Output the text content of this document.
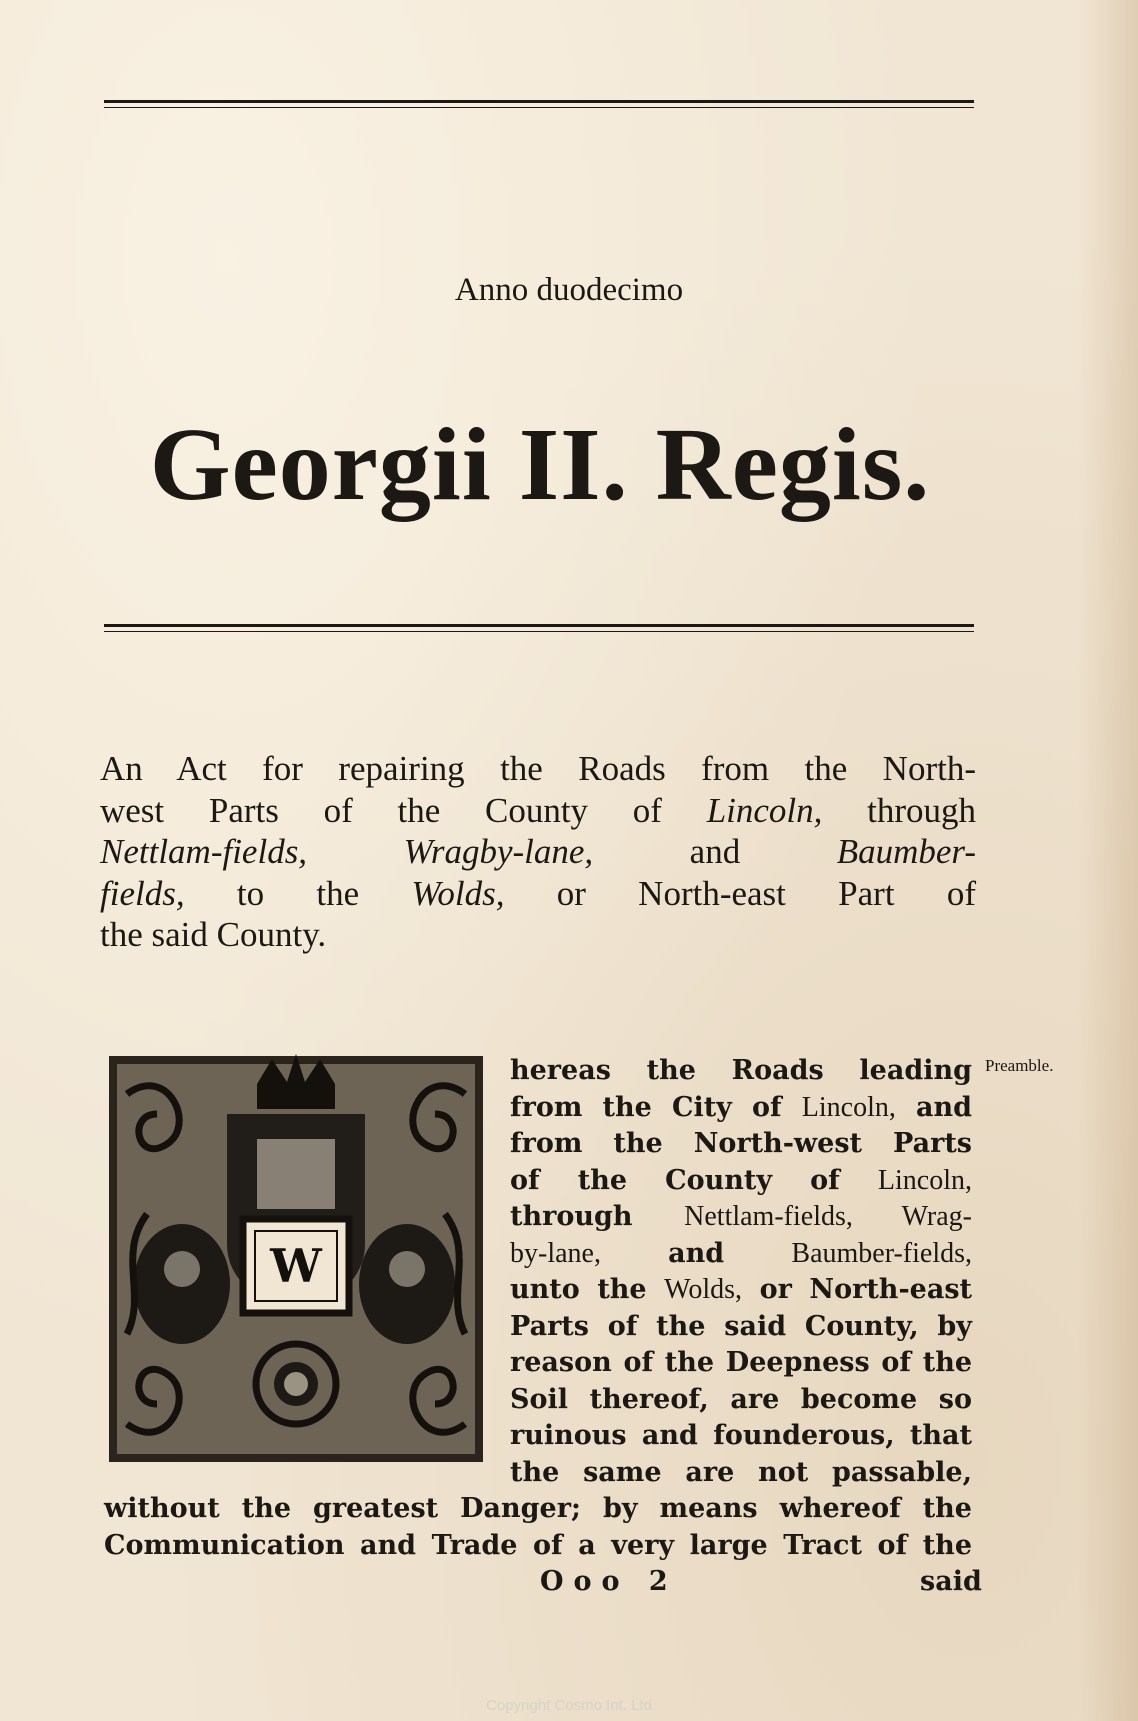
Anno duodecimo
Georgii II. Regis.
An Act for repairing the Roads from the North-
west Parts of the County of Lincoln, through
Nettlam-fields,	Wragby-lane, and Baumber-
fields, to the Wolds, or North-east Part of
the said County.
Preamble.
W
hereas the Roads leading
from the City of Lincoln, and
from the North-west Parts
of the County of Lincoln,
through Nettlam-fields, Wrag-
by-lane, and Baumber-fields,
unto the Wolds, or North-east
Parts of the said County, by
reason of the Deepness of the
Soil thereof, are become so
ruinous and founderous, that
the same are not passable,
without the greatest Danger; by means whereof the
Communication and Trade of a very large Tract of the
Ooo 2	said
Copyright Cosmo Int. Ltd
